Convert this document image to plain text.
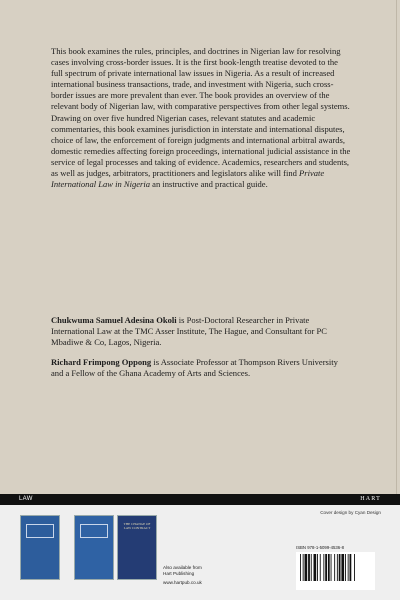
This book examines the rules, principles, and doctrines in Nigerian law for resolving cases involving cross-border issues. It is the first book-length treatise devoted to the full spectrum of private international law issues in Nigeria. As a result of increased international business transactions, trade, and investment with Nigeria, such cross-border issues are more prevalent than ever. The book provides an overview of the relevant body of Nigerian law, with comparative perspectives from other legal systems. Drawing on over five hundred Nigerian cases, relevant statutes and academic commentaries, this book examines jurisdiction in interstate and international disputes, choice of law, the enforcement of foreign judgments and international arbitral awards, domestic remedies affecting foreign proceedings, international judicial assistance in the service of legal processes and taking of evidence. Academics, researchers and students, as well as judges, arbitrators, practitioners and legislators alike will find Private International Law in Nigeria an instructive and practical guide.

Chukwuma Samuel Adesina Okoli is Post-Doctoral Researcher in Private International Law at the TMC Asser Institute, The Hague, and Consultant for PC Mbadiwe & Co, Lagos, Nigeria.

Richard Frimpong Oppong is Associate Professor at Thompson Rivers University and a Fellow of the Ghana Academy of Arts and Sciences.

LAW	HART
Cover design by Cyan Design
THE CHANGE OF LAW CONTRACT
Also available from
Hart Publishing
www.hartpub.co.uk
ISBN 978-1-5099-4536-8
